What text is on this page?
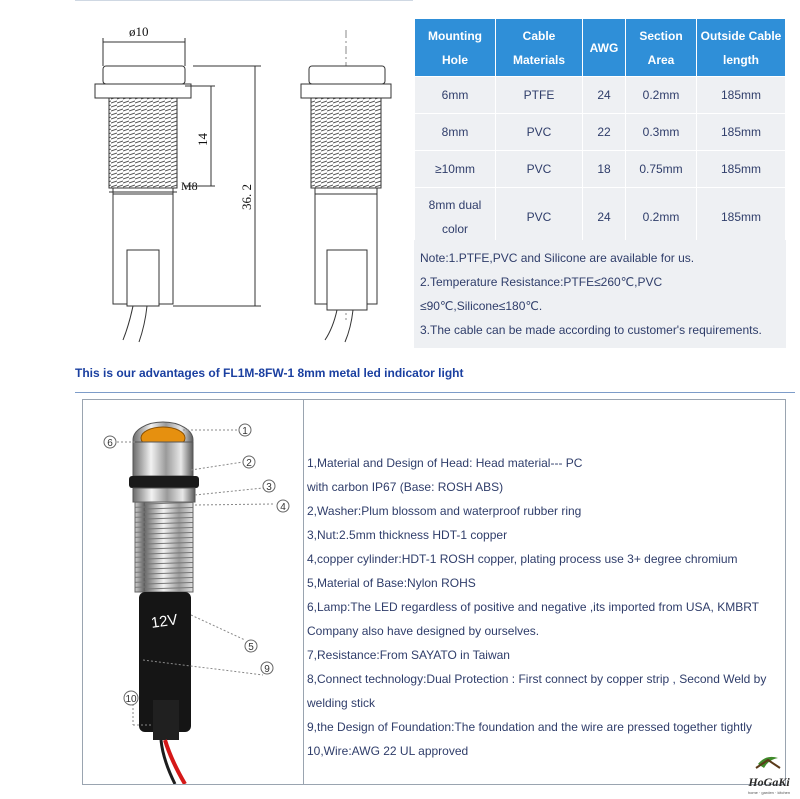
ø10
14
36. 2
M8
Mounting Hole	Cable Materials	AWG	Section Area	Outside Cable length
6mm	PTFE	24	0.2mm	185mm
8mm	PVC	22	0.3mm	185mm
≥10mm	PVC	18	0.75mm	185mm
8mm dual color	PVC	24	0.2mm	185mm
Note:1.PTFE,PVC and Silicone are available for us.
2.Temperature Resistance:PTFE≤260℃,PVC
≤90℃,Silicone≤180℃.
3.The cable can be made according to customer's requirements.
This is our advantages of FL1M-8FW-1 8mm metal led indicator light
12V
6
1
2
3
4
5
9
10
1,Material and Design of Head: Head material--- PC
with carbon IP67 (Base: ROSH ABS)
2,Washer:Plum blossom and waterproof rubber ring
3,Nut:2.5mm thickness HDT-1 copper
4,copper cylinder:HDT-1 ROSH copper, plating process use 3+ degree chromium
5,Material of Base:Nylon ROHS
6,Lamp:The LED regardless of positive and negative ,its imported from USA, KMBRT
Company also have designed by ourselves.
7,Resistance:From SAYATO in Taiwan
8,Connect technology:Dual Protection : First connect by copper strip , Second Weld by
welding stick
9,the Design of Foundation:The foundation and the wire are pressed together tightly
10,Wire:AWG 22 UL approved
HoGaKi
home · garden · kitchen
